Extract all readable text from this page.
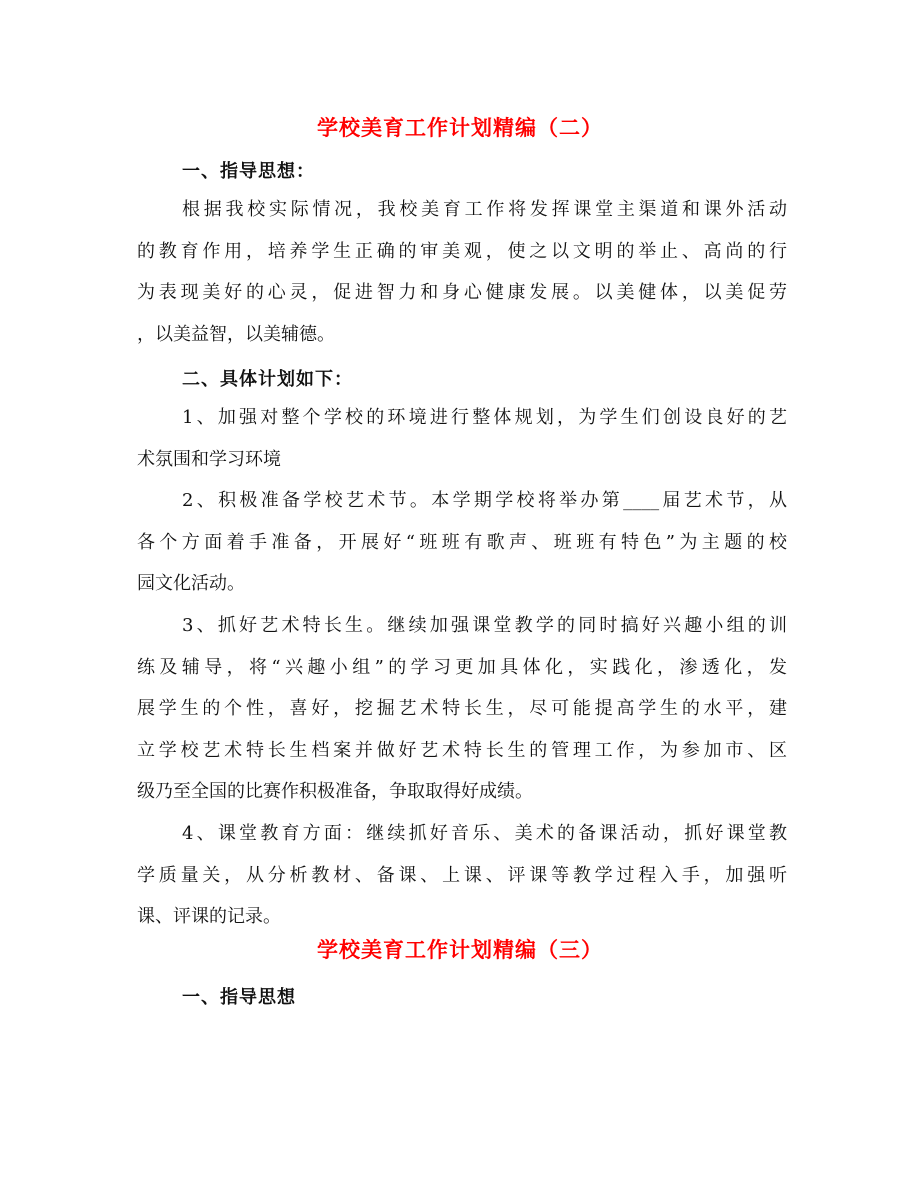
学校美育工作计划精编（二）
一、指导思想：

根据我校实际情况，我校美育工作将发挥课堂主渠道和课外活动
的教育作用，培养学生正确的审美观，使之以文明的举止、高尚的行
为表现美好的心灵，促进智力和身心健康发展。以美健体，以美促劳
，以美益智，以美辅德。

二、具体计划如下：

1、加强对整个学校的环境进行整体规划，为学生们创设良好的艺
术氛围和学习环境

2、积极准备学校艺术节。本学期学校将举办第____届艺术节，从
各个方面着手准备，开展好“班班有歌声、班班有特色”为主题的校
园文化活动。

3、抓好艺术特长生。继续加强课堂教学的同时搞好兴趣小组的训
练及辅导，将“兴趣小组”的学习更加具体化，实践化，渗透化，发
展学生的个性，喜好，挖掘艺术特长生，尽可能提高学生的水平，建
立学校艺术特长生档案并做好艺术特长生的管理工作，为参加市、区
级乃至全国的比赛作积极准备，争取取得好成绩。

4、课堂教育方面：继续抓好音乐、美术的备课活动，抓好课堂教
学质量关，从分析教材、备课、上课、评课等教学过程入手，加强听
课、评课的记录。

学校美育工作计划精编（三）
一、指导思想
